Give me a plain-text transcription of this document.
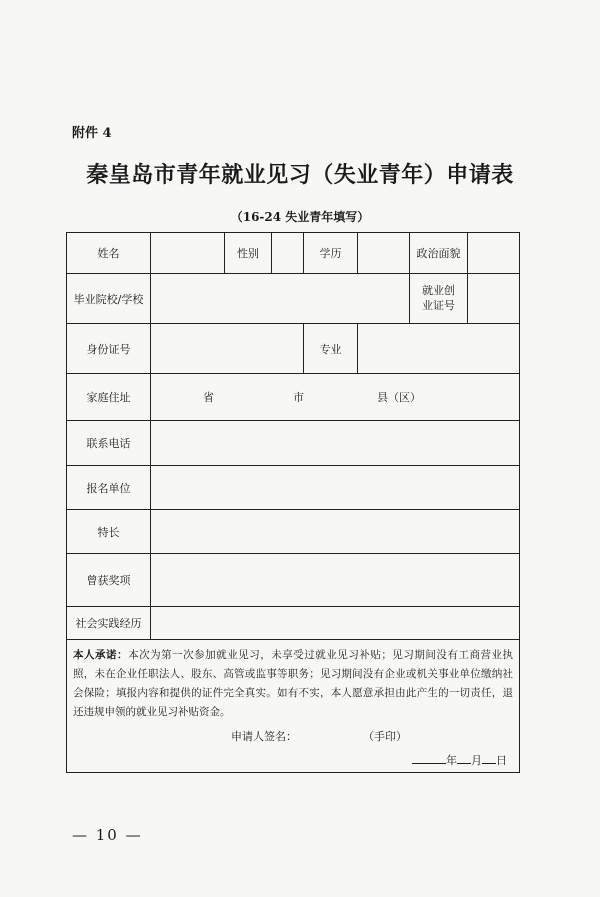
附件 4
秦皇岛市青年就业见习（失业青年）申请表
（16-24 失业青年填写）
姓名		性别		学历		政治面貌	
毕业院校/学校						就业创
业证号	

身份证号				专业			
家庭住址	省 市 县（区）						

联系电话							
报名单位							
特长							
曾获奖项							
社会实践经历							

本人承诺：本次为第一次参加就业见习，未享受过就业见习补贴；见习期间没有工商营业执照，未在企业任职法人、股东、高管或监事等职务；见习期间没有企业或机关事业单位缴纳社会保险；填报内容和提供的证件完全真实。如有不实，本人愿意承担由此产生的一切责任，退还违规申领的就业见习补贴资金。
申请人签名： （手印）
年 月 日							
— 10 —
